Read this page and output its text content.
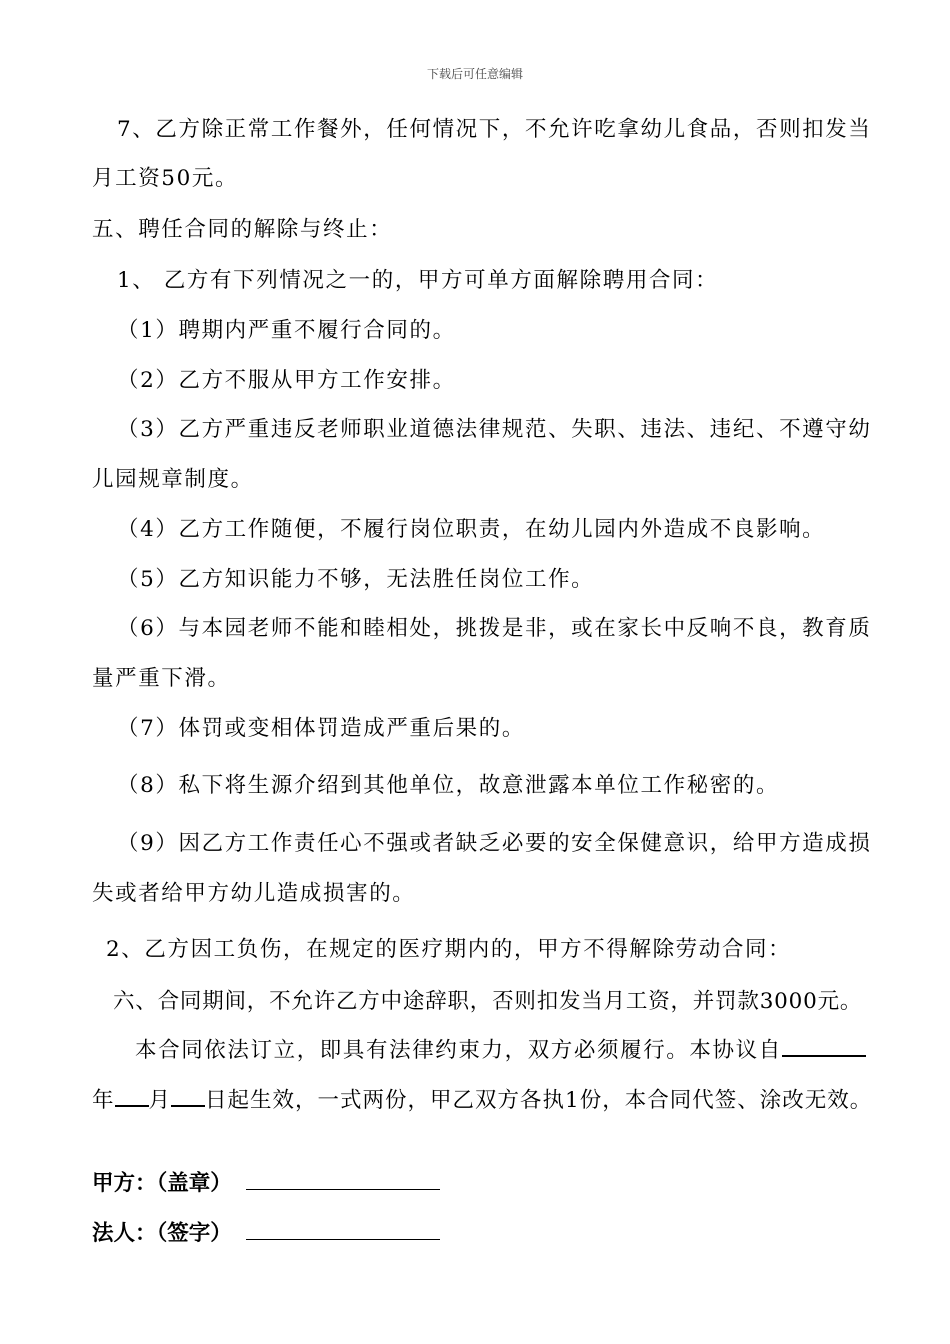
下载后可任意编辑
7、乙方除正常工作餐外，任何情况下，不允许吃拿幼儿食品，否则扣发当
月工资50元。
五、聘任合同的解除与终止：
1、 乙方有下列情况之一的，甲方可单方面解除聘用合同：
（1）聘期内严重不履行合同的。
（2）乙方不服从甲方工作安排。
（3）乙方严重违反老师职业道德法律规范、失职、违法、违纪、不遵守幼
儿园规章制度。
（4）乙方工作随便，不履行岗位职责，在幼儿园内外造成不良影响。
（5）乙方知识能力不够，无法胜任岗位工作。
（6）与本园老师不能和睦相处，挑拨是非，或在家长中反响不良，教育质
量严重下滑。
（7）体罚或变相体罚造成严重后果的。
（8）私下将生源介绍到其他单位，故意泄露本单位工作秘密的。
（9）因乙方工作责任心不强或者缺乏必要的安全保健意识，给甲方造成损
失或者给甲方幼儿造成损害的。
2、乙方因工负伤，在规定的医疗期内的，甲方不得解除劳动合同：
六、合同期间，不允许乙方中途辞职，否则扣发当月工资，并罚款3000元。
本合同依法订立，即具有法律约束力，双方必须履行。本协议自
年 月 日起生效，一式两份，甲乙双方各执1份，本合同代签、涂改无效。
甲方：（盖章）
法人：（签字）
